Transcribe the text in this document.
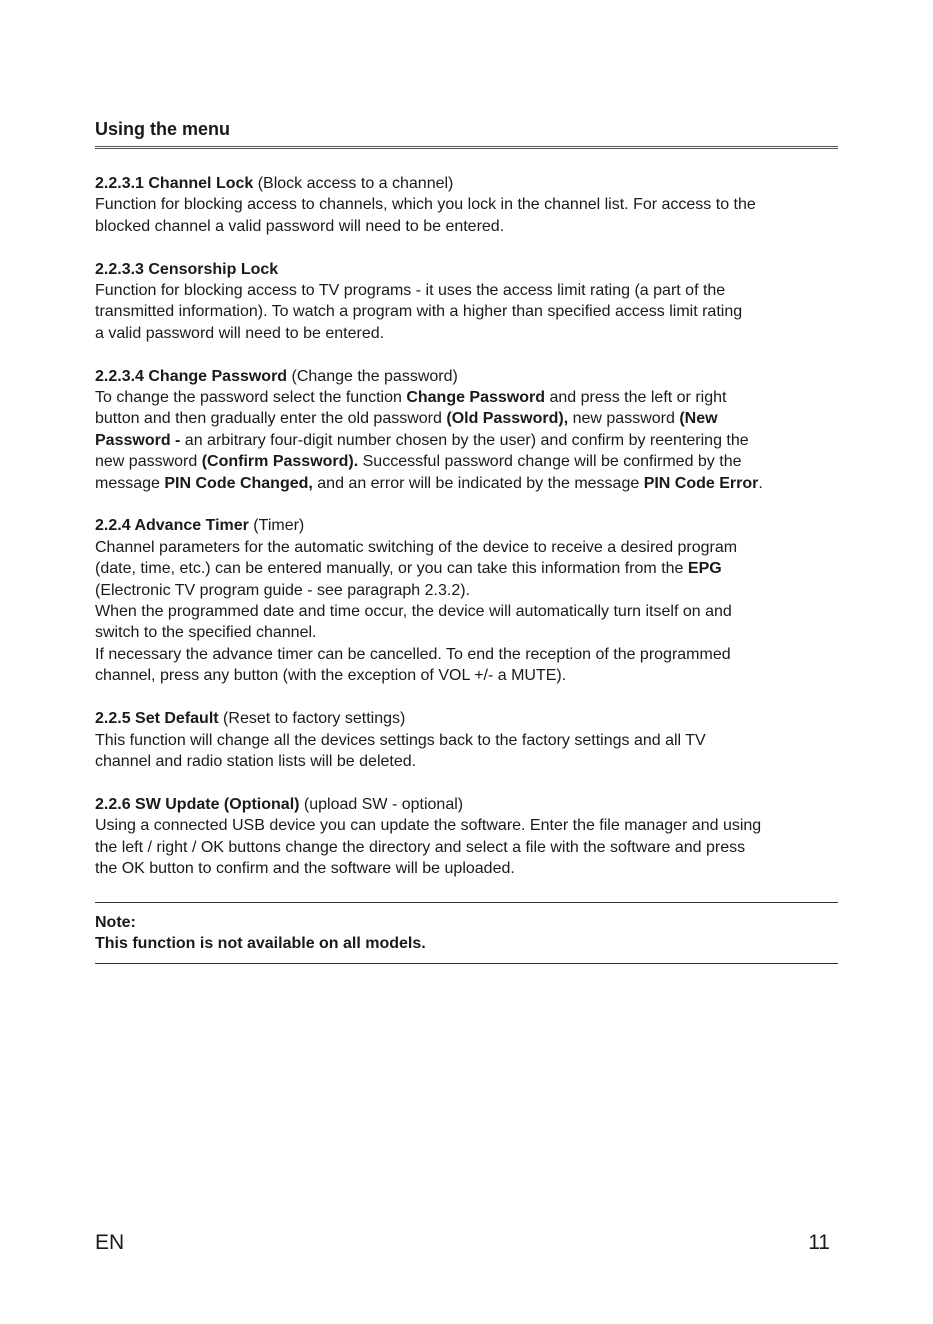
Using the menu

2.2.3.1 Channel Lock (Block access to a channel)

Function for blocking access to channels, which you lock in the channel list. For access to the

blocked channel a valid password will need to be entered.

2.2.3.3 Censorship Lock

Function for blocking access to TV programs - it uses the access limit rating (a part of the

transmitted information). To watch a program with a higher than specified access limit rating

a valid password will need to be entered.

2.2.3.4 Change Password (Change the password)

To change the password select the function Change Password and press the left or right

button and then gradually enter the old password (Old Password), new password (New

Password - an arbitrary four-digit number chosen by the user) and confirm by reentering the

new password (Confirm Password). Successful password change will be confirmed by the

message PIN Code Changed, and an error will be indicated by the message PIN Code Error.

2.2.4 Advance Timer (Timer)

Channel parameters for the automatic switching of the device to receive a desired program

(date, time, etc.) can be entered manually, or you can take this information from the EPG

(Electronic TV program guide - see paragraph 2.3.2).

When the programmed date and time occur, the device will automatically turn itself on and

switch to the specified channel.

If necessary the advance timer can be cancelled. To end the reception of the programmed

channel, press any button (with the exception of VOL +/- a MUTE).

2.2.5 Set Default (Reset to factory settings)

This function will change all the devices settings back to the factory settings and all TV

channel and radio station lists will be deleted.

2.2.6 SW Update (Optional) (upload SW - optional)

Using a connected USB device you can update the software. Enter the file manager and using

the left / right / OK buttons change the directory and select a file with the software and press

the OK button to confirm and the software will be uploaded.

Note:
This function is not available on all models.
EN	11
